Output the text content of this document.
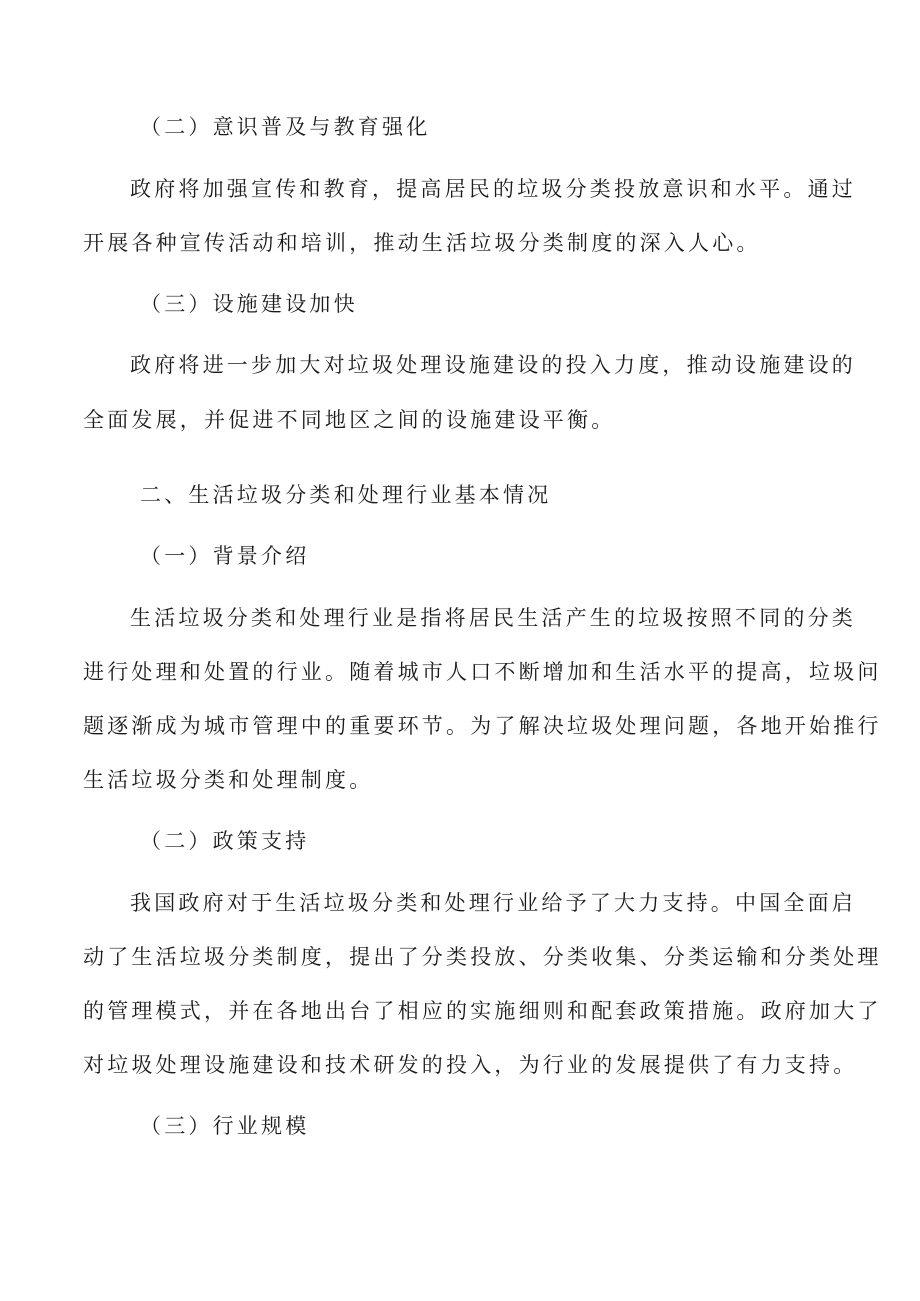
（二）意识普及与教育强化
政府将加强宣传和教育，提高居民的垃圾分类投放意识和水平。通过
开展各种宣传活动和培训，推动生活垃圾分类制度的深入人心。
（三）设施建设加快
政府将进一步加大对垃圾处理设施建设的投入力度，推动设施建设的
全面发展，并促进不同地区之间的设施建设平衡。
二、生活垃圾分类和处理行业基本情况
（一）背景介绍
生活垃圾分类和处理行业是指将居民生活产生的垃圾按照不同的分类
进行处理和处置的行业。随着城市人口不断增加和生活水平的提高，垃圾问
题逐渐成为城市管理中的重要环节。为了解决垃圾处理问题，各地开始推行
生活垃圾分类和处理制度。
（二）政策支持
我国政府对于生活垃圾分类和处理行业给予了大力支持。中国全面启
动了生活垃圾分类制度，提出了分类投放、分类收集、分类运输和分类处理
的管理模式，并在各地出台了相应的实施细则和配套政策措施。政府加大了
对垃圾处理设施建设和技术研发的投入，为行业的发展提供了有力支持。
（三）行业规模
